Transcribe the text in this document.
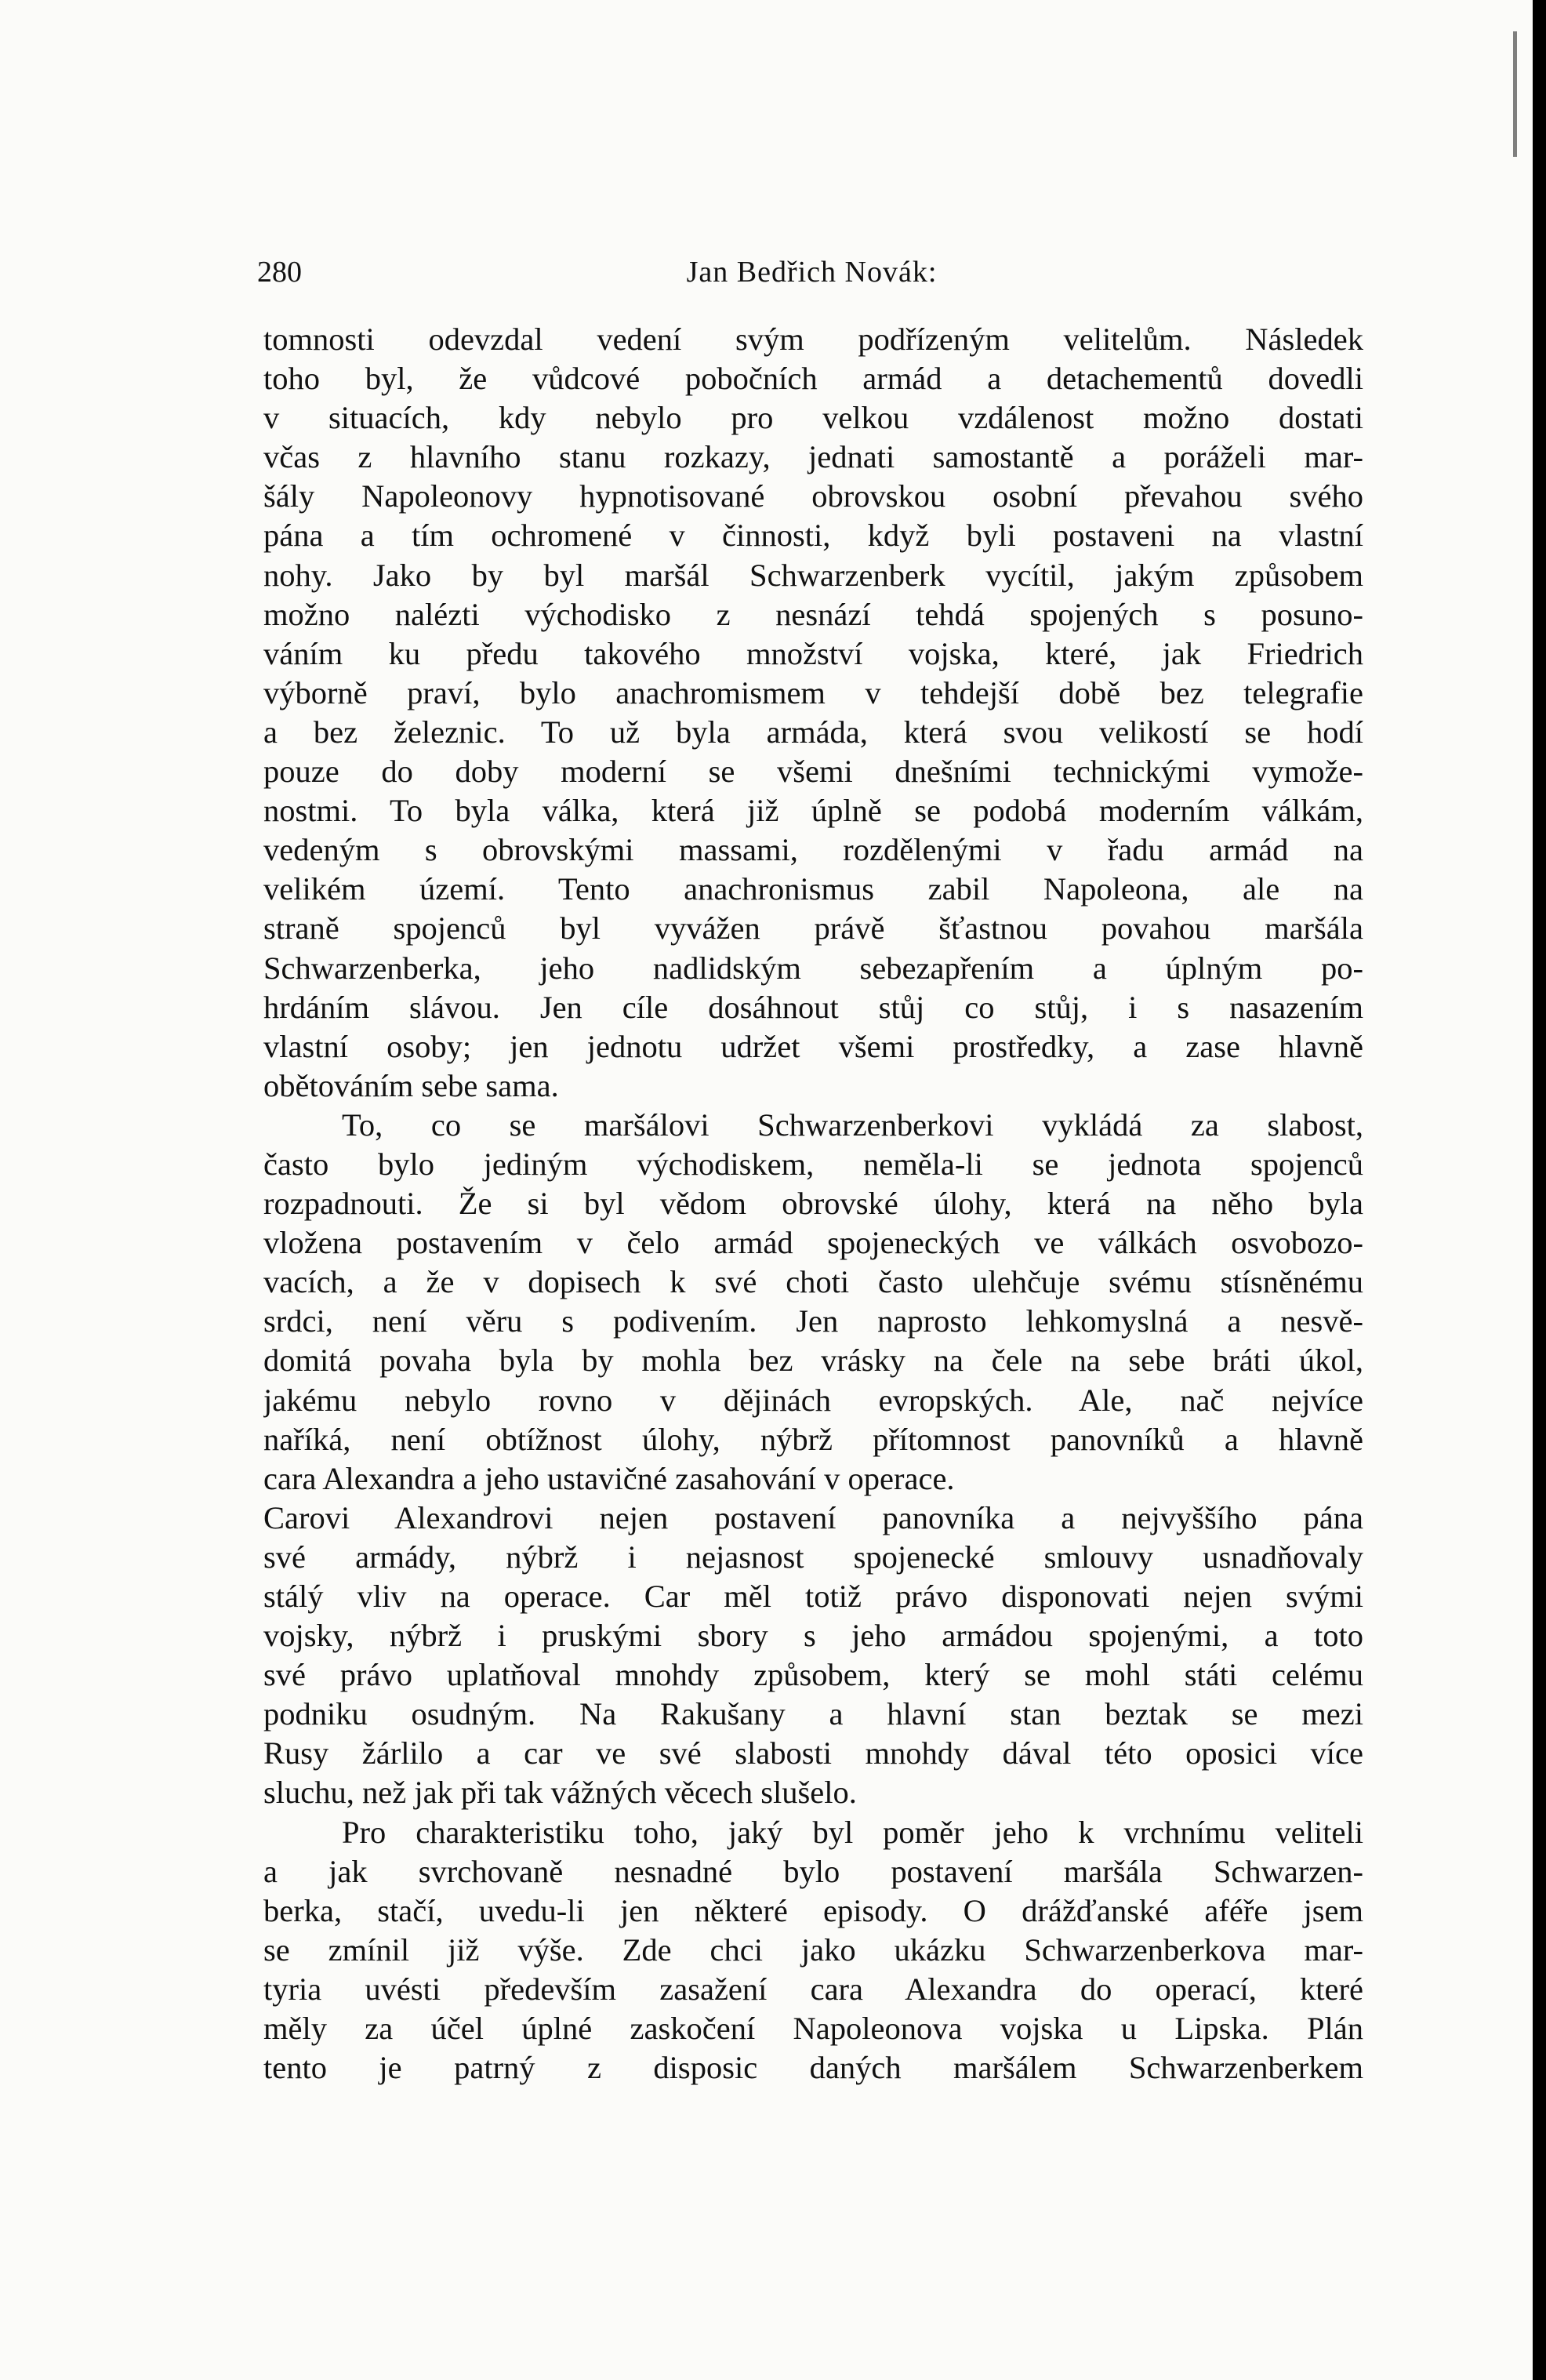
280	Jan Bedřich Novák:
tomnosti odevzdal vedení svým podřízeným velitelům. Následek
toho byl, že vůdcové pobočních armád a detachementů dovedli
v situacích, kdy nebylo pro velkou vzdálenost možno dostati
včas z hlavního stanu rozkazy, jednati samostantě a poráželi mar-
šály Napoleonovy hypnotisované obrovskou osobní převahou svého
pána a tím ochromené v činnosti, když byli postaveni na vlastní
nohy. Jako by byl maršál Schwarzenberk vycítil, jakým způsobem
možno nalézti východisko z nesnází tehdá spojených s posuno-
váním ku předu takového množství vojska, které, jak Friedrich
výborně praví, bylo anachromismem v tehdejší době bez telegrafie
a bez železnic. To už byla armáda, která svou velikostí se hodí
pouze do doby moderní se všemi dnešními technickými vymože-
nostmi. To byla válka, která již úplně se podobá moderním válkám,
vedeným s obrovskými massami, rozdělenými v řadu armád na
velikém území. Tento anachronismus zabil Napoleona, ale na
straně spojenců byl vyvážen právě šťastnou povahou maršála
Schwarzenberka, jeho nadlidským sebezapřením a úplným po-
hrdáním slávou. Jen cíle dosáhnout stůj co stůj, i s nasazením
vlastní osoby; jen jednotu udržet všemi prostředky, a zase hlavně
obětováním sebe sama.
To, co se maršálovi Schwarzenberkovi vykládá za slabost,
často bylo jediným východiskem, neměla-li se jednota spojenců
rozpadnouti. Že si byl vědom obrovské úlohy, která na něho byla
vložena postavením v čelo armád spojeneckých ve válkách osvobozo-
vacích, a že v dopisech k své choti často ulehčuje svému stísněnému
srdci, není věru s podivením. Jen naprosto lehkomyslná a nesvě-
domitá povaha byla by mohla bez vrásky na čele na sebe bráti úkol,
jakému nebylo rovno v dějinách evropských. Ale, nač nejvíce
naříká, není obtížnost úlohy, nýbrž přítomnost panovníků a hlavně
cara Alexandra a jeho ustavičné zasahování v operace.
Carovi Alexandrovi nejen postavení panovníka a nejvyššího pána
své armády, nýbrž i nejasnost spojenecké smlouvy usnadňovaly
stálý vliv na operace. Car měl totiž právo disponovati nejen svými
vojsky, nýbrž i pruskými sbory s jeho armádou spojenými, a toto
své právo uplatňoval mnohdy způsobem, který se mohl státi celému
podniku osudným. Na Rakušany a hlavní stan beztak se mezi
Rusy žárlilo a car ve své slabosti mnohdy dával této oposici více
sluchu, než jak při tak vážných věcech slušelo.
Pro charakteristiku toho, jaký byl poměr jeho k vrchnímu veliteli
a jak svrchovaně nesnadné bylo postavení maršála Schwarzen-
berka, stačí, uvedu-li jen některé episody. O drážďanské aféře jsem
se zmínil již výše. Zde chci jako ukázku Schwarzenberkova mar-
tyria uvésti především zasažení cara Alexandra do operací, které
měly za účel úplné zaskočení Napoleonova vojska u Lipska. Plán
tento je patrný z disposic daných maršálem Schwarzenberkem
